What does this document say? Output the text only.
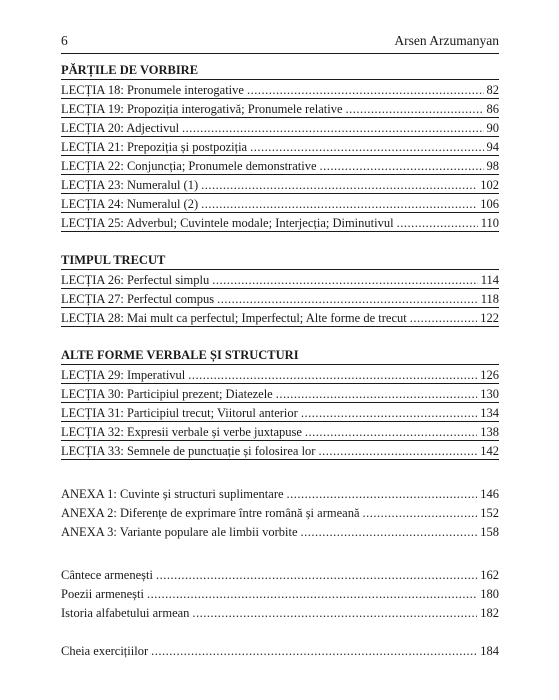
6	Arsen Arzumanyan
PĂRȚILE DE VORBIRE
LECȚIA 18: Pronumele interogative .....	82
LECȚIA 19: Propoziția interogativă; Pronumele relative .....	86
LECȚIA 20: Adjectivul .....	90
LECȚIA 21: Prepoziția și postpoziția .....	94
LECȚIA 22: Conjuncția; Pronumele demonstrative .....	98
LECȚIA 23: Numeralul (1) .....	102
LECȚIA 24: Numeralul (2) .....	106
LECȚIA 25: Adverbul; Cuvintele modale; Interjecția; Diminutivul .....	110
TIMPUL TRECUT
LECȚIA 26: Perfectul simplu .....	114
LECȚIA 27: Perfectul compus .....	118
LECȚIA 28: Mai mult ca perfectul; Imperfectul; Alte forme de trecut .....	122
ALTE FORME VERBALE ȘI STRUCTURI
LECȚIA 29: Imperativul .....	126
LECȚIA 30: Participiul prezent; Diatezele .....	130
LECȚIA 31: Participiul trecut; Viitorul anterior .....	134
LECȚIA 32: Expresii verbale și verbe juxtapuse .....	138
LECȚIA 33: Semnele de punctuație și folosirea lor .....	142
ANEXA 1: Cuvinte și structuri suplimentare .....	146
ANEXA 2: Diferențe de exprimare între română și armeană .....	152
ANEXA 3: Variante populare ale limbii vorbite .....	158
Cântece armenești .....	162
Poezii armenești .....	180
Istoria alfabetului armean .....	182
Cheia exercițiilor .....	184
